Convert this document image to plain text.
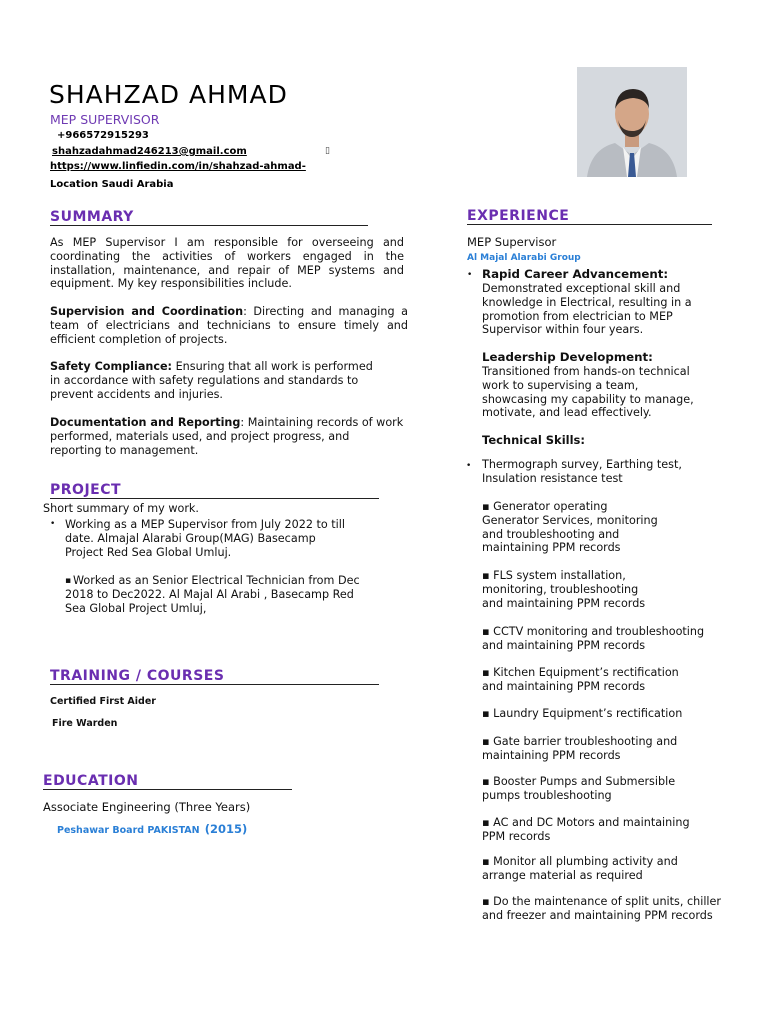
SHAHZAD AHMAD
MEP SUPERVISOR
+966572915293
shahzadahmad246213@gmail.com	▯
https://www.linfiedin.com/in/shahzad-ahmad-
Location Saudi Arabia
SUMMARY
As MEP Supervisor I am responsible for overseeing and coordinating the activities of workers engaged in the installation, maintenance, and repair of MEP systems and equipment. My key responsibilities include.
Supervision and Coordination: Directing and managing a team of electricians and technicians to ensure timely and efficient completion of projects.
Safety Compliance: Ensuring that all work is performed in accordance with safety regulations and standards to prevent accidents and injuries.
Documentation and Reporting: Maintaining records of work performed, materials used, and project progress, and reporting to management.
PROJECT
Short summary of my work.
• Working as a MEP Supervisor from July 2022 to till date. Almajal Alarabi Group(MAG) Basecamp Project Red Sea Global Umluj.
▪ Worked as an Senior Electrical Technician from Dec 2018 to Dec2022. Al Majal Al Arabi , Basecamp Red Sea Global Project Umluj,
TRAINING / COURSES
Certified First Aider
Fire Warden
EDUCATION
Associate Engineering (Three Years)
Peshawar Board PAKISTAN (2015)
EXPERIENCE
MEP Supervisor
Al Majal Alarabi Group
• Rapid Career Advancement:
Demonstrated exceptional skill and knowledge in Electrical, resulting in a promotion from electrician to MEP Supervisor within four years.
Leadership Development:
Transitioned from hands-on technical work to supervising a team, showcasing my capability to manage, motivate, and lead effectively.
Technical Skills:
• Thermograph survey, Earthing test, Insulation resistance test
▪ Generator operating Generator Services, monitoring and troubleshooting and maintaining PPM records
▪ FLS system installation, monitoring, troubleshooting and maintaining PPM records
▪ CCTV monitoring and troubleshooting and maintaining PPM records
▪ Kitchen Equipment’s rectification and maintaining PPM records
▪ Laundry Equipment’s rectification
▪ Gate barrier troubleshooting and maintaining PPM records
▪ Booster Pumps and Submersible pumps troubleshooting
▪ AC and DC Motors and maintaining PPM records
▪ Monitor all plumbing activity and arrange material as required
▪ Do the maintenance of split units, chiller and freezer and maintaining PPM records
